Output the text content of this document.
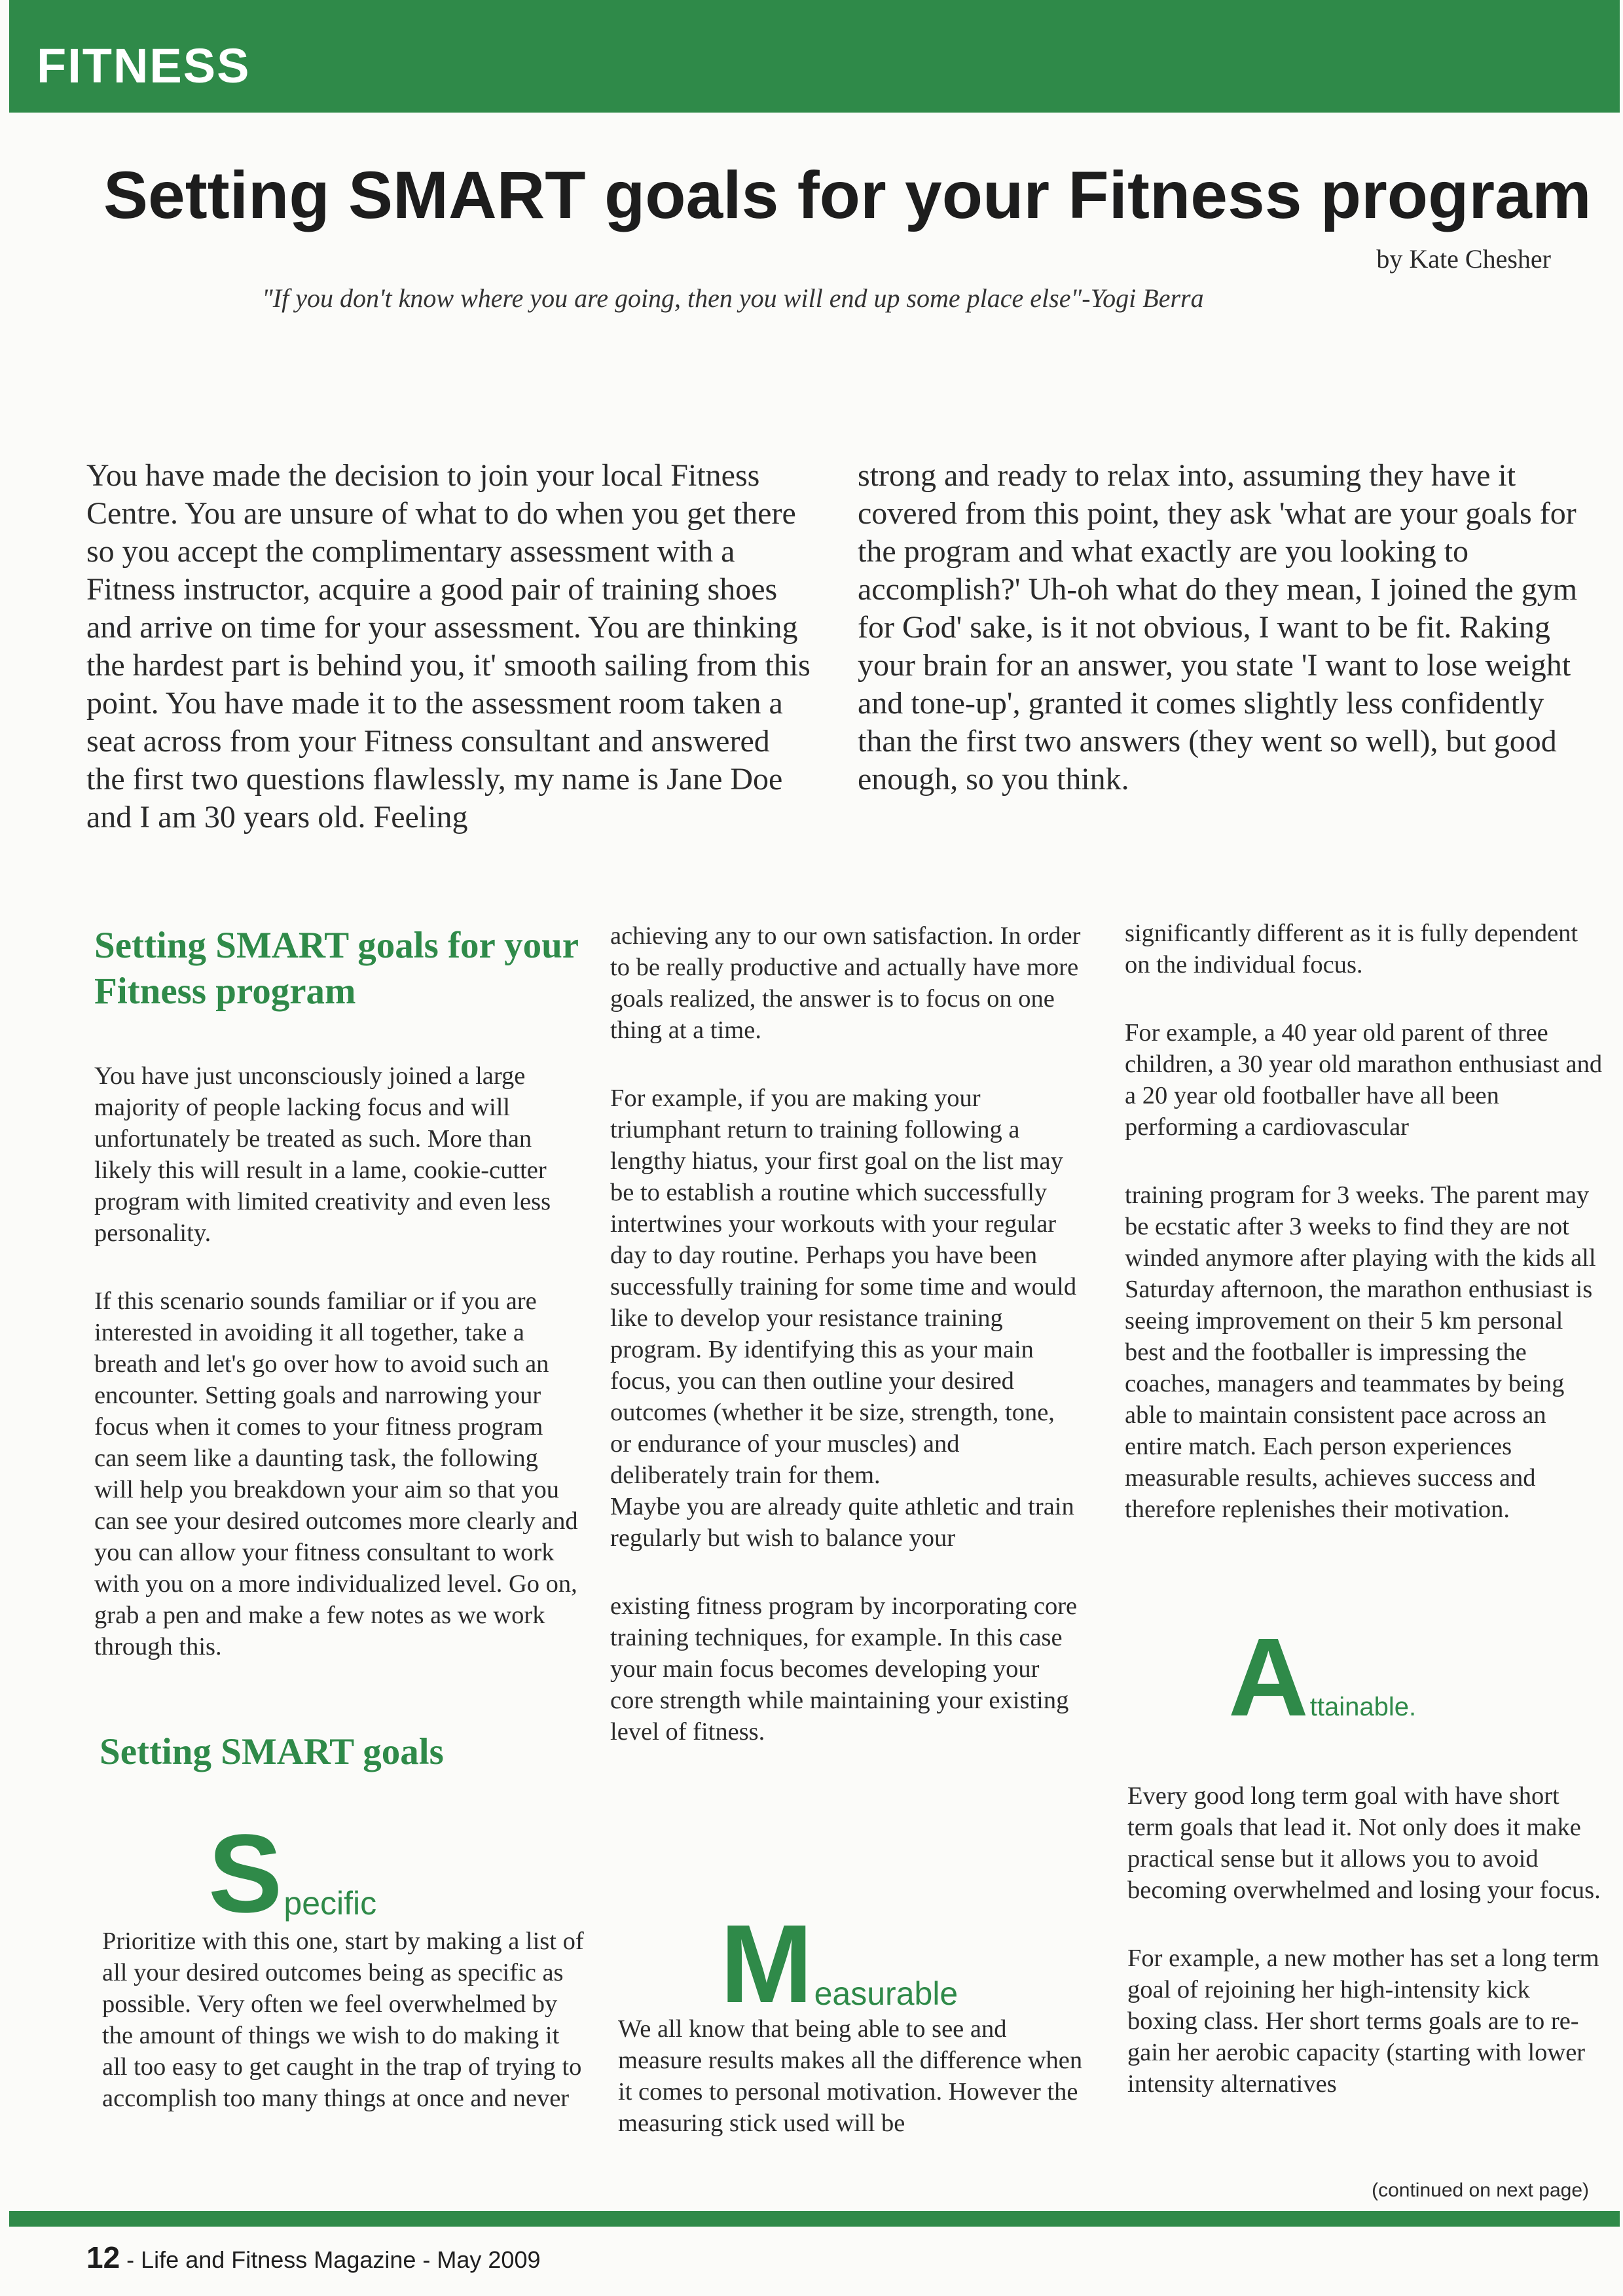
FITNESS
Setting SMART goals for your Fitness program
by Kate Chesher
"If you don't know where you are going, then you will end up some place else"-Yogi Berra
You have made the decision to join your local Fitness Centre. You are unsure of what to do when you get there so you accept the complimentary assessment with a Fitness instructor, acquire a good pair of training shoes and arrive on time for your assessment. You are thinking the hardest part is behind you, it' smooth sailing from this point. You have made it to the assessment room taken a seat across from your Fitness consultant and answered the first two questions flawlessly, my name is Jane Doe and I am 30 years old. Feeling
strong and ready to relax into, assuming they have it covered from this point, they ask 'what are your goals for the program and what exactly are you looking to accomplish?' Uh-oh what do they mean, I joined the gym for God' sake, is it not obvious, I want to be fit. Raking your brain for an answer, you state 'I want to lose weight and tone-up', granted it comes slightly less confidently than the first two answers (they went so well), but good enough, so you think.
Setting SMART goals for your Fitness program

You have just unconsciously joined a large majority of people lacking focus and will unfortunately be treated as such. More than likely this will result in a lame, cookie-cutter program with limited creativity and even less personality.

If this scenario sounds familiar or if you are interested in avoiding it all together, take a breath and let's go over how to avoid such an encounter. Setting goals and narrowing your focus when it comes to your fitness program can seem like a daunting task, the following will help you breakdown your aim so that you can see your desired outcomes more clearly and you can allow your fitness consultant to work with you on a more individualized level. Go on, grab a pen and make a few notes as we work through this.

Setting SMART goals
S pecific

Prioritize with this one, start by making a list of all your desired outcomes being as specific as possible. Very often we feel overwhelmed by the amount of things we wish to do making it all too easy to get caught in the trap of trying to accomplish too many things at once and never

achieving any to our own satisfaction. In order to be really productive and actually have more goals realized, the answer is to focus on one thing at a time.

For example, if you are making your triumphant return to training following a lengthy hiatus, your first goal on the list may be to establish a routine which successfully intertwines your workouts with your regular day to day routine. Perhaps you have been successfully training for some time and would like to develop your resistance training program. By identifying this as your main focus, you can then outline your desired outcomes (whether it be size, strength, tone, or endurance of your muscles) and deliberately train for them.

Maybe you are already quite athletic and train regularly but wish to balance your

existing fitness program by incorporating core training techniques, for example. In this case your main focus becomes developing your core strength while maintaining your existing level of fitness.

M easurable

We all know that being able to see and measure results makes all the difference when it comes to personal motivation. However the measuring stick used will be

significantly different as it is fully dependent on the individual focus.

For example, a 40 year old parent of three children, a 30 year old marathon enthusiast and a 20 year old footballer have all been performing a cardiovascular

training program for 3 weeks. The parent may be ecstatic after 3 weeks to find they are not winded anymore after playing with the kids all Saturday afternoon, the marathon enthusiast is seeing improvement on their 5 km personal best and the footballer is impressing the coaches, managers and teammates by being able to maintain consistent pace across an entire match. Each person experiences measurable results, achieves success and therefore replenishes their motivation.

A ttainable.

Every good long term goal with have short term goals that lead it. Not only does it make practical sense but it allows you to avoid becoming overwhelmed and losing your focus.

For example, a new mother has set a long term goal of rejoining her high-intensity kick boxing class. Her short terms goals are to re-gain her aerobic capacity (starting with lower intensity alternatives

(continued on next page)
12 - Life and Fitness Magazine - May 2009
